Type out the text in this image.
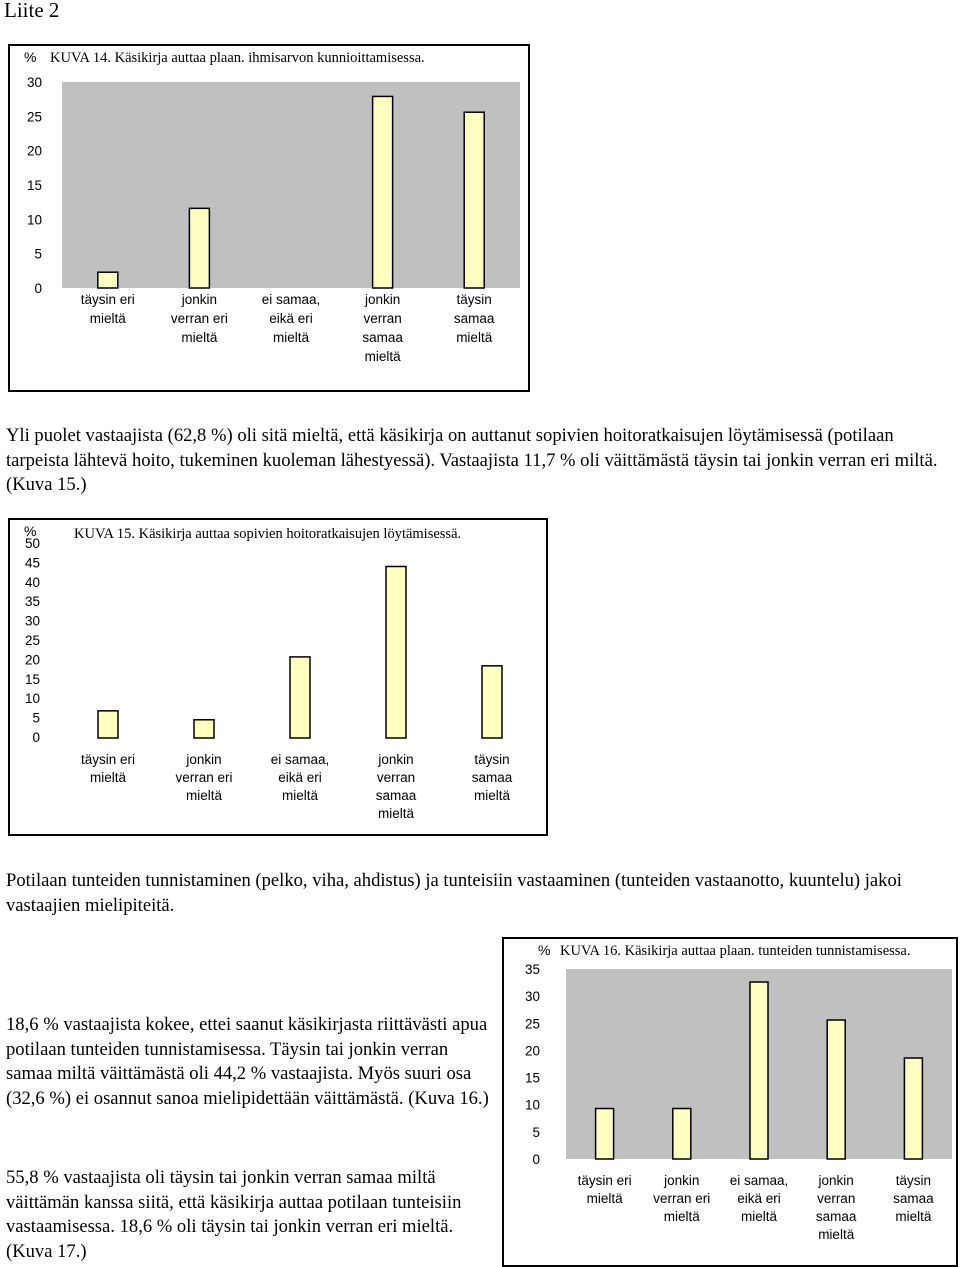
Liite 2
% KUVA 14. Käsikirja auttaa plaan. ihmisarvon kunnioittamisessa.
0
5
10
15
20
25
30
täysin eri mieltä
jonkin verran eri mieltä
ei samaa, eikä eri mieltä
jonkin verran samaa mieltä
täysin samaa mieltä

Yli puolet vastaajista (62,8 %) oli sitä mieltä, että käsikirja on auttanut sopivien hoitoratkaisujen löytämisessä (potilaan tarpeista lähtevä hoito, tukeminen kuoleman lähestyessä). Vastaajista 11,7 % oli väittämästä täysin tai jonkin verran eri miltä. (Kuva 15.)

%	KUVA 15. Käsikirja auttaa sopivien hoitoratkaisujen löytämisessä.
0
5
10
15
20
25
30
35
40
45
50
täysin eri mieltä
jonkin verran eri mieltä
ei samaa, eikä eri mieltä
jonkin verran samaa mieltä
täysin samaa mieltä

Potilaan tunteiden tunnistaminen (pelko, viha, ahdistus) ja tunteisiin vastaaminen (tunteiden vastaanotto, kuuntelu) jakoi vastaajien mielipiteitä.

% KUVA 16. Käsikirja auttaa plaan. tunteiden tunnistamisessa.
0
5
10
15
20
25
30
35
täysin eri mieltä
jonkin verran eri mieltä
ei samaa, eikä eri mieltä
jonkin verran samaa mieltä
täysin samaa mieltä

18,6 % vastaajista kokee, ettei saanut käsikirjasta riittävästi apua potilaan tunteiden tunnistamisessa. Täysin tai jonkin verran samaa miltä väittämästä oli 44,2 % vastaajista. Myös suuri osa (32,6 %) ei osannut sanoa mielipidettään väittämästä. (Kuva 16.)

55,8 % vastaajista oli täysin tai jonkin verran samaa miltä väittämän kanssa siitä, että käsikirja auttaa potilaan tunteisiin vastaamisessa. 18,6 % oli täysin tai jonkin verran eri mieltä. (Kuva 17.)
